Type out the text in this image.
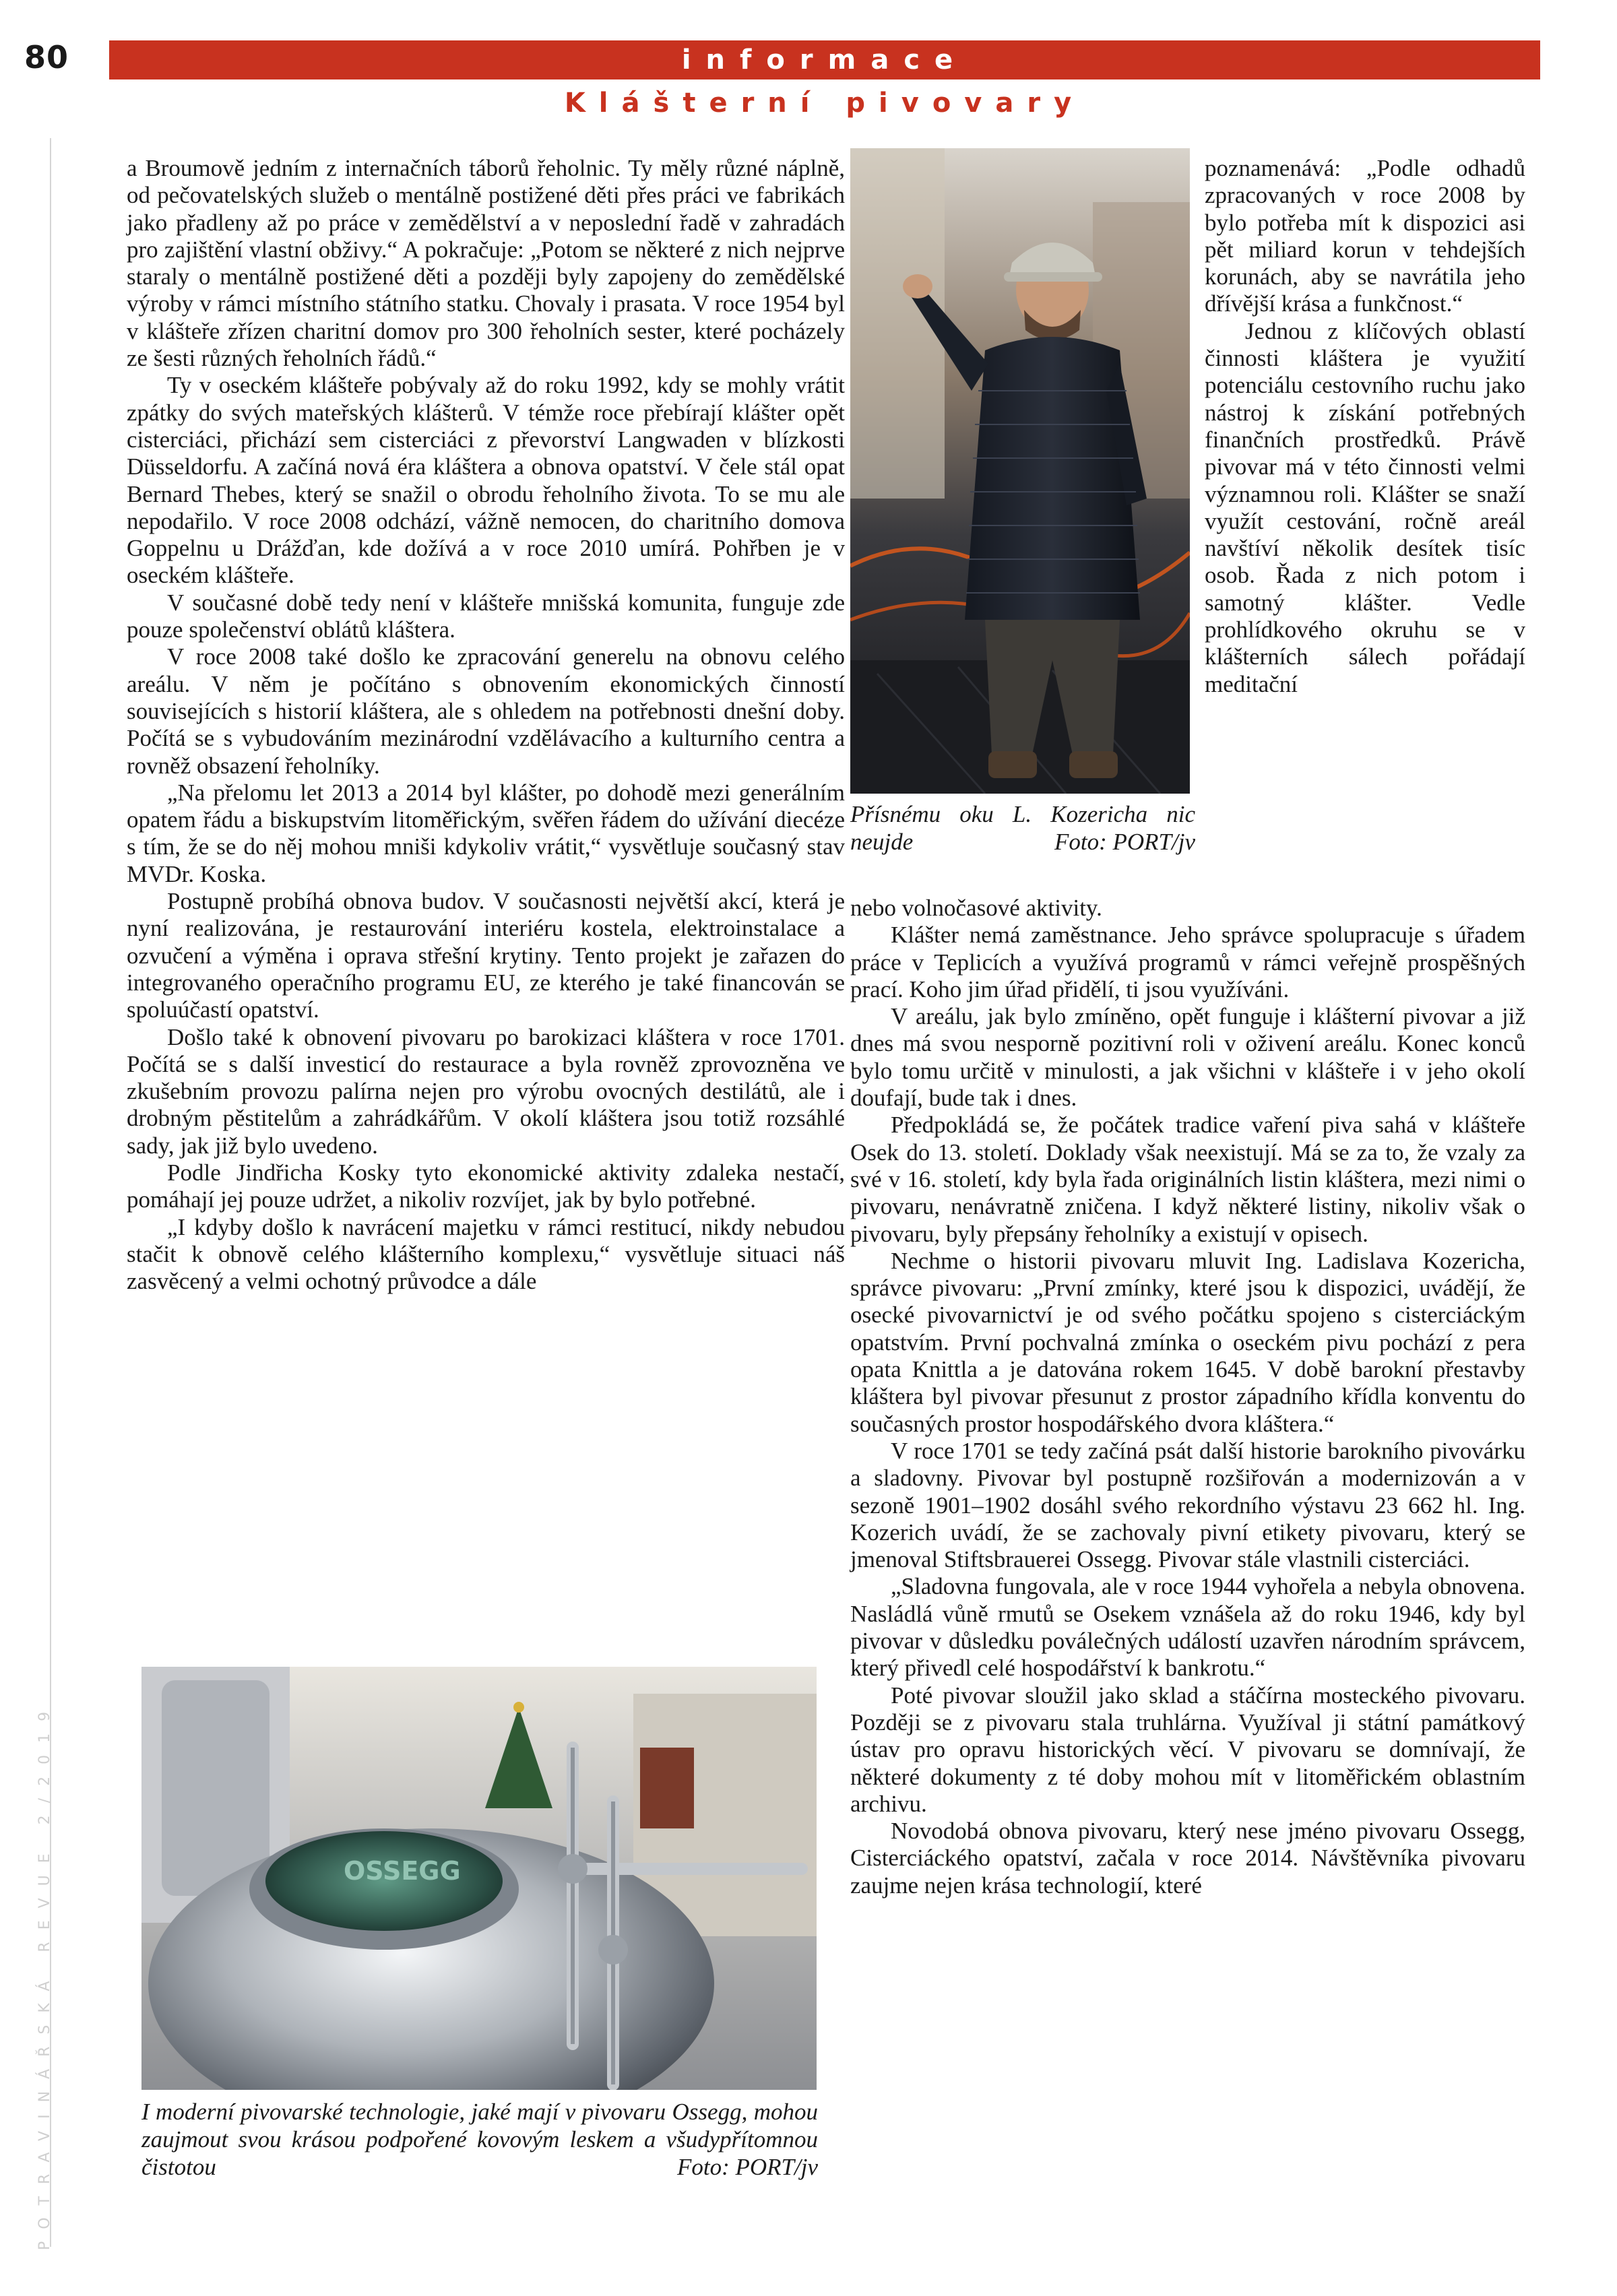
80	informace
Klášterní pivovary
POTRAVINÁŘSKÁ REVUE 2/2019

a Broumově jedním z internačních táborů řeholnic. Ty měly různé náplně, od pečovatelských služeb o mentálně postižené děti přes práci ve fabrikách jako přadleny až po práce v zemědělství a v neposlední řadě v zahradách pro zajištění vlastní obživy.“ A pokračuje: „Potom se některé z nich nejprve staraly o mentálně postižené děti a později byly zapojeny do zemědělské výroby v rámci místního státního statku. Chovaly i prasata. V roce 1954 byl v klášteře zřízen charitní domov pro 300 řeholních sester, které pocházely ze šesti různých řeholních řádů.“

Ty v oseckém klášteře pobývaly až do roku 1992, kdy se mohly vrátit zpátky do svých mateřských klášterů. V témže roce přebírají klášter opět cisterciáci, přichází sem cisterciáci z převorství Langwaden v blízkosti Düsseldorfu. A začíná nová éra kláštera a obnova opatství. V čele stál opat Bernard Thebes, který se snažil o obrodu řeholního života. To se mu ale nepodařilo. V roce 2008 odchází, vážně nemocen, do charitního domova Goppelnu u Drážďan, kde dožívá a v roce 2010 umírá. Pohřben je v oseckém klášteře.

V současné době tedy není v klášteře mnišská komunita, funguje zde pouze společenství oblátů kláštera.

V roce 2008 také došlo ke zpracování generelu na obnovu celého areálu. V něm je počítáno s obnovením ekonomických činností souvisejících s historií kláštera, ale s ohledem na potřebnosti dnešní doby. Počítá se s vybudováním mezinárodní vzdělávacího a kulturního centra a rovněž obsazení řeholníky.

„Na přelomu let 2013 a 2014 byl klášter, po dohodě mezi generálním opatem řádu a biskupstvím litoměřickým, svěřen řádem do užívání diecéze s tím, že se do něj mohou mniši kdykoliv vrátit,“ vysvětluje současný stav MVDr. Koska.

Postupně probíhá obnova budov. V současnosti největší akcí, která je nyní realizována, je restaurování interiéru kostela, elektroinstalace a ozvučení a výměna i oprava střešní krytiny. Tento projekt je zařazen do integrovaného operačního programu EU, ze kterého je také financován se spoluúčastí opatství.

Došlo také k obnovení pivovaru po barokizaci kláštera v roce 1701. Počítá se s další investicí do restaurace a byla rovněž zprovozněna ve zkušebním provozu palírna nejen pro výrobu ovocných destilátů, ale i drobným pěstitelům a zahrádkářům. V okolí kláštera jsou totiž rozsáhlé sady, jak již bylo uvedeno.

Podle Jindřicha Kosky tyto ekonomické aktivity zdaleka nestačí, pomáhají jej pouze udržet, a nikoliv rozvíjet, jak by bylo potřebné.

„I kdyby došlo k navrácení majetku v rámci restitucí, nikdy nebudou stačit k obnově celého klášterního komplexu,“ vysvětluje situaci náš zasvěcený a velmi ochotný průvodce a dále

Přísnému oku L. Kozericha nic neujde	Foto: PORT/jv

poznamenává: „Podle odhadů zpracovaných v roce 2008 by bylo potřeba mít k dispozici asi pět miliard korun v tehdejších korunách, aby se navrátila jeho dřívější krása a funkčnost.“

Jednou z klíčových oblastí činnosti kláštera je využití potenciálu cestovního ruchu jako nástroj k získání potřebných finančních prostředků. Právě pivovar má v této činnosti velmi významnou roli. Klášter se snaží využít cestování, ročně areál navštíví několik desítek tisíc osob. Řada z nich potom i samotný klášter. Vedle prohlídkového okruhu se v klášterních sálech pořádají meditační

nebo volnočasové aktivity.

Klášter nemá zaměstnance. Jeho správce spolupracuje s úřadem práce v Teplicích a využívá programů v rámci veřejně prospěšných prací. Koho jim úřad přidělí, ti jsou využíváni.

V areálu, jak bylo zmíněno, opět funguje i klášterní pivovar a již dnes má svou nesporně pozitivní roli v oživení areálu. Konec konců bylo tomu určitě v minulosti, a jak všichni v klášteře i v jeho okolí doufají, bude tak i dnes.

Předpokládá se, že počátek tradice vaření piva sahá v klášteře Osek do 13. století. Doklady však neexistují. Má se za to, že vzaly za své v 16. století, kdy byla řada originálních listin kláštera, mezi nimi o pivovaru, nenávratně zničena. I když některé listiny, nikoliv však o pivovaru, byly přepsány řeholníky a existují v opisech.

Nechme o historii pivovaru mluvit Ing. Ladislava Kozericha, správce pivovaru: „První zmínky, které jsou k dispozici, uvádějí, že osecké pivovarnictví je od svého počátku spojeno s cisterciáckým opatstvím. První pochvalná zmínka o oseckém pivu pochází z pera opata Knittla a je datována rokem 1645. V době barokní přestavby kláštera byl pivovar přesunut z prostor západního křídla konventu do současných prostor hospodářského dvora kláštera.“

V roce 1701 se tedy začíná psát další historie barokního pivovárku a sladovny. Pivovar byl postupně rozšiřován a modernizován a v sezoně 1901–1902 dosáhl svého rekordního výstavu 23 662 hl. Ing. Kozerich uvádí, že se zachovaly pivní etikety pivovaru, který se jmenoval Stiftsbrauerei Ossegg. Pivovar stále vlastnili cisterciáci.

„Sladovna fungovala, ale v roce 1944 vyhořela a nebyla obnovena. Nasládlá vůně rmutů se Osekem vznášela až do roku 1946, kdy byl pivovar v důsledku poválečných událostí uzavřen národním správcem, který přivedl celé hospodářství k bankrotu.“

Poté pivovar sloužil jako sklad a stáčírna mosteckého pivovaru. Později se z pivovaru stala truhlárna. Využíval ji státní památkový ústav pro opravu historických věcí. V pivovaru se domnívají, že některé dokumenty z té doby mohou mít v litoměřickém oblastním archivu.

Novodobá obnova pivovaru, který nese jméno pivovaru Ossegg, Cisterciáckého opatství, začala v roce 2014. Návštěvníka pivovaru zaujme nejen krása technologií, které

OSSEGG
I moderní pivovarské technologie, jaké mají v pivovaru Ossegg, mohou zaujmout svou krásou podpořené kovovým leskem a všudypřítomnou čistotou	Foto: PORT/jv
